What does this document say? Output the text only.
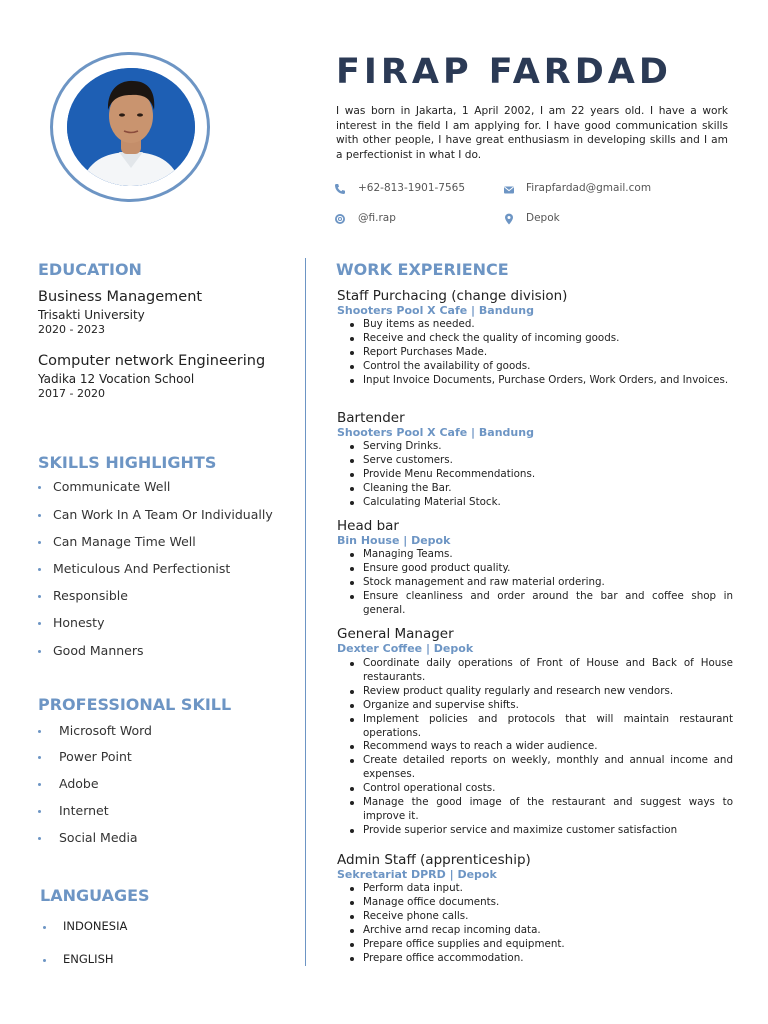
FIRAP FARDAD
I was born in Jakarta, 1 April 2002, I am 22 years old. I have a work interest in the field I am applying for. I have good communication skills with other people, I have great enthusiasm in developing skills and I am a perfectionist in what I do.
+62-813-1901-7565	Firapfardad@gmail.com
@fi.rap	Depok
EDUCATION
Business Management
Trisakti University
2020 - 2023
Computer network Engineering
Yadika 12 Vocation School
2017 - 2020
SKILLS HIGHLIGHTS
Communicate Well
Can Work In A Team Or Individually
Can Manage Time Well
Meticulous And Perfectionist
Responsible
Honesty
Good Manners
PROFESSIONAL SKILL
Microsoft Word
Power Point
Adobe
Internet
Social Media
LANGUAGES
INDONESIA
ENGLISH
WORK EXPERIENCE
Staff Purchacing (change division)
Shooters Pool X Cafe | Bandung
Buy items as needed.
Receive and check the quality of incoming goods.
Report Purchases Made.
Control the availability of goods.
Input Invoice Documents, Purchase Orders, Work Orders, and Invoices.
Bartender
Shooters Pool X Cafe | Bandung
Serving Drinks.
Serve customers.
Provide Menu Recommendations.
Cleaning the Bar.
Calculating Material Stock.
Head bar
Bin House | Depok
Managing Teams.
Ensure good product quality.
Stock management and raw material ordering.
Ensure cleanliness and order around the bar and coffee shop in general.
General Manager
Dexter Coffee | Depok
Coordinate daily operations of Front of House and Back of House restaurants.
Review product quality regularly and research new vendors.
Organize and supervise shifts.
Implement policies and protocols that will maintain restaurant operations.
Recommend ways to reach a wider audience.
Create detailed reports on weekly, monthly and annual income and expenses.
Control operational costs.
Manage the good image of the restaurant and suggest ways to improve it.
Provide superior service and maximize customer satisfaction
Admin Staff (apprenticeship)
Sekretariat DPRD | Depok
Perform data input.
Manage office documents.
Receive phone calls.
Archive arnd recap incoming data.
Prepare office supplies and equipment.
Prepare office accommodation.
